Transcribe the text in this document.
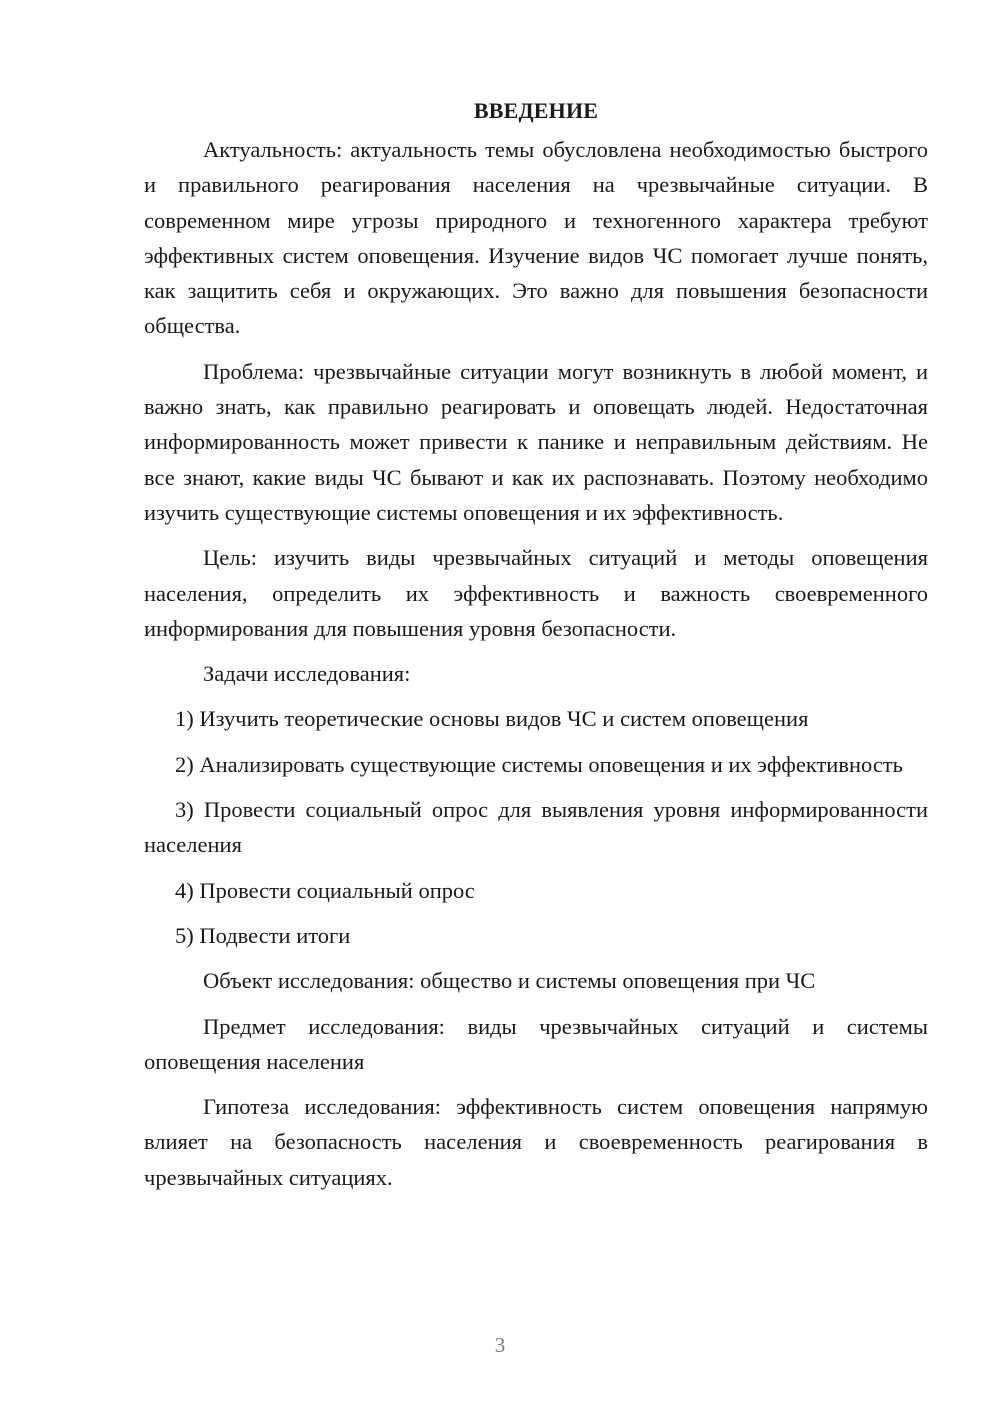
ВВЕДЕНИЕ

Актуальность: актуальность темы обусловлена необходимостью быстрого и правильного реагирования населения на чрезвычайные ситуации. В современном мире угрозы природного и техногенного характера требуют эффективных систем оповещения. Изучение видов ЧС помогает лучше понять, как защитить себя и окружающих. Это важно для повышения безопасности общества.

Проблема: чрезвычайные ситуации могут возникнуть в любой момент, и важно знать, как правильно реагировать и оповещать людей. Недостаточная информированность может привести к панике и неправильным действиям. Не все знают, какие виды ЧС бывают и как их распознавать. Поэтому необходимо изучить существующие системы оповещения и их эффективность.

Цель: изучить виды чрезвычайных ситуаций и методы оповещения населения, определить их эффективность и важность своевременного информирования для повышения уровня безопасности.

Задачи исследования:

1) Изучить теоретические основы видов ЧС и систем оповещения

2) Анализировать существующие системы оповещения и их эффективность

3) Провести социальный опрос для выявления уровня информированности населения

4) Провести социальный опрос

5) Подвести итоги

Объект исследования: общество и системы оповещения при ЧС

Предмет исследования: виды чрезвычайных ситуаций и системы оповещения населения

Гипотеза исследования: эффективность систем оповещения напрямую влияет на безопасность населения и своевременность реагирования в чрезвычайных ситуациях.

3
